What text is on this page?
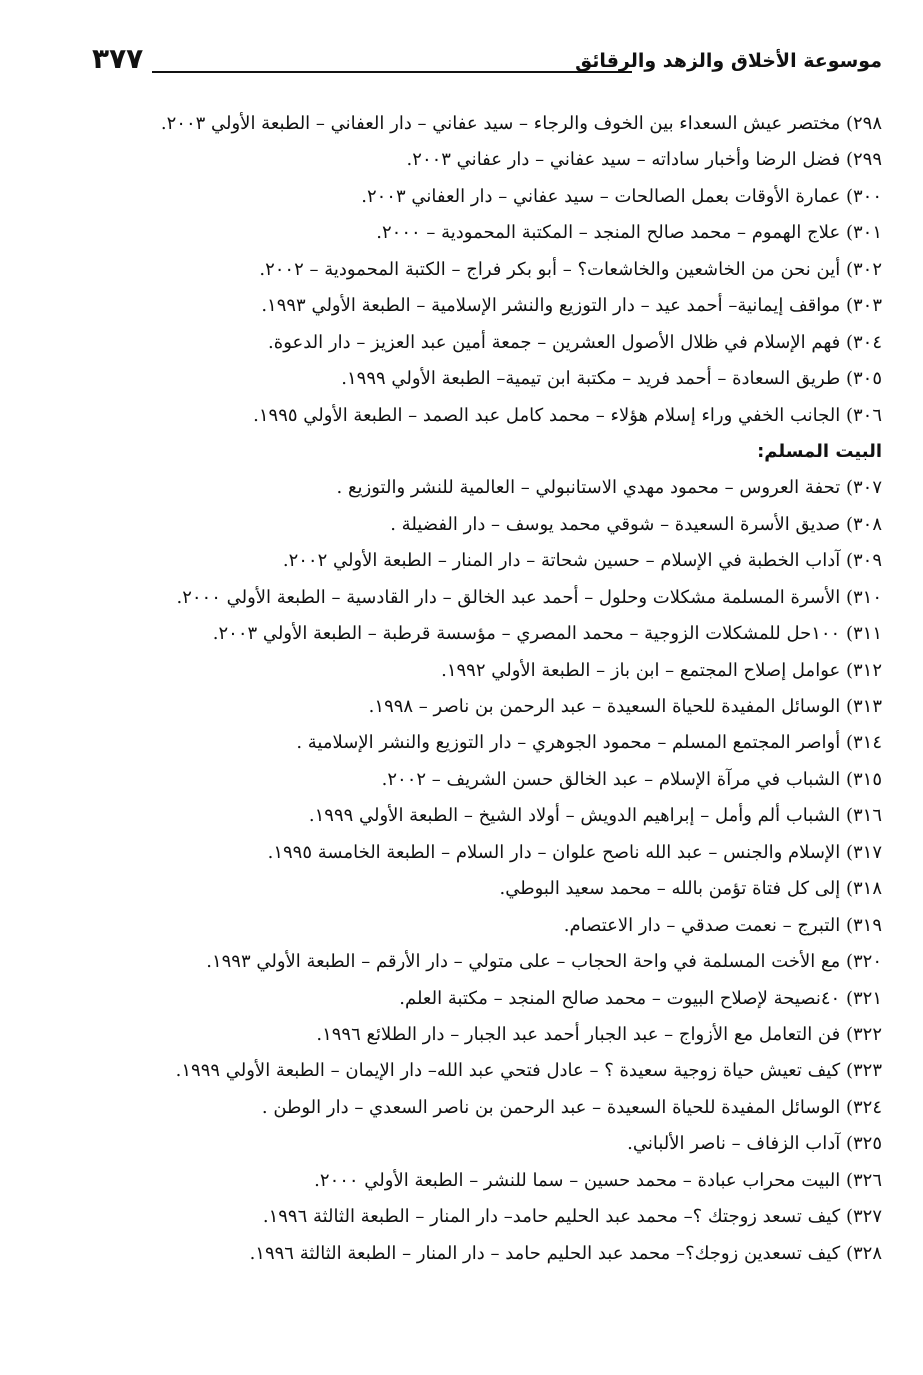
٣٧٧	موسوعة الأخلاق والزهد والرقائق
٢٩٨) مختصر عيش السعداء بين الخوف والرجاء – سيد عفاني – دار العفاني – الطبعة الأولي ٢٠٠٣.
٢٩٩) فضل الرضا وأخبار ساداته – سيد عفاني – دار عفاني ٢٠٠٣.
٣٠٠) عمارة الأوقات بعمل الصالحات – سيد عفاني – دار العفاني ٢٠٠٣.
٣٠١) علاج الهموم – محمد صالح المنجد – المكتبة المحمودية – ٢٠٠٠.
٣٠٢) أين نحن من الخاشعين والخاشعات؟ – أبو بكر فراج – الكتبة المحمودية – ٢٠٠٢.
٣٠٣) مواقف إيمانية– أحمد عيد – دار التوزيع والنشر الإسلامية – الطبعة الأولي ١٩٩٣.
٣٠٤) فهم الإسلام في ظلال الأصول العشرين – جمعة أمين عبد العزيز – دار الدعوة.
٣٠٥) طريق السعادة – أحمد فريد – مكتبة ابن تيمية– الطبعة الأولي ١٩٩٩.
٣٠٦) الجانب الخفي وراء إسلام هؤلاء – محمد كامل عبد الصمد – الطبعة الأولي ١٩٩٥.
البيت المسلم:
٣٠٧) تحفة العروس – محمود مهدي الاستانبولي – العالمية للنشر والتوزيع .
٣٠٨) صديق الأسرة السعيدة – شوقي محمد يوسف – دار الفضيلة .
٣٠٩) آداب الخطبة في الإسلام – حسين شحاتة – دار المنار – الطبعة الأولي ٢٠٠٢.
٣١٠) الأسرة المسلمة مشكلات وحلول – أحمد عبد الخالق – دار القادسية – الطبعة الأولي ٢٠٠٠.
٣١١) ١٠٠حل للمشكلات الزوجية – محمد المصري – مؤسسة قرطبة – الطبعة الأولي ٢٠٠٣.
٣١٢) عوامل إصلاح المجتمع – ابن باز – الطبعة الأولي ١٩٩٢.
٣١٣) الوسائل المفيدة للحياة السعيدة – عبد الرحمن بن ناصر – ١٩٩٨.
٣١٤) أواصر المجتمع المسلم – محمود الجوهري – دار التوزيع والنشر الإسلامية .
٣١٥) الشباب في مرآة الإسلام – عبد الخالق حسن الشريف – ٢٠٠٢.
٣١٦) الشباب ألم وأمل – إبراهيم الدويش – أولاد الشيخ – الطبعة الأولي ١٩٩٩.
٣١٧) الإسلام والجنس – عبد الله ناصح علوان – دار السلام – الطبعة الخامسة ١٩٩٥.
٣١٨) إلى كل فتاة تؤمن بالله – محمد سعيد البوطي.
٣١٩) التبرج – نعمت صدقي – دار الاعتصام.
٣٢٠) مع الأخت المسلمة في واحة الحجاب – على متولي – دار الأرقم – الطبعة الأولي ١٩٩٣.
٣٢١) ٤٠نصيحة لإصلاح البيوت – محمد صالح المنجد – مكتبة العلم.
٣٢٢) فن التعامل مع الأزواج – عبد الجبار أحمد عبد الجبار – دار الطلائع ١٩٩٦.
٣٢٣) كيف تعيش حياة زوجية سعيدة ؟ – عادل فتحي عبد الله– دار الإيمان – الطبعة الأولي ١٩٩٩.
٣٢٤) الوسائل المفيدة للحياة السعيدة – عبد الرحمن بن ناصر السعدي – دار الوطن .
٣٢٥) آداب الزفاف – ناصر الألباني.
٣٢٦) البيت محراب عبادة – محمد حسين – سما للنشر – الطبعة الأولي ٢٠٠٠.
٣٢٧) كيف تسعد زوجتك ؟– محمد عبد الحليم حامد– دار المنار – الطبعة الثالثة ١٩٩٦.
٣٢٨) كيف تسعدين زوجك؟– محمد عبد الحليم حامد – دار المنار – الطبعة الثالثة ١٩٩٦.
